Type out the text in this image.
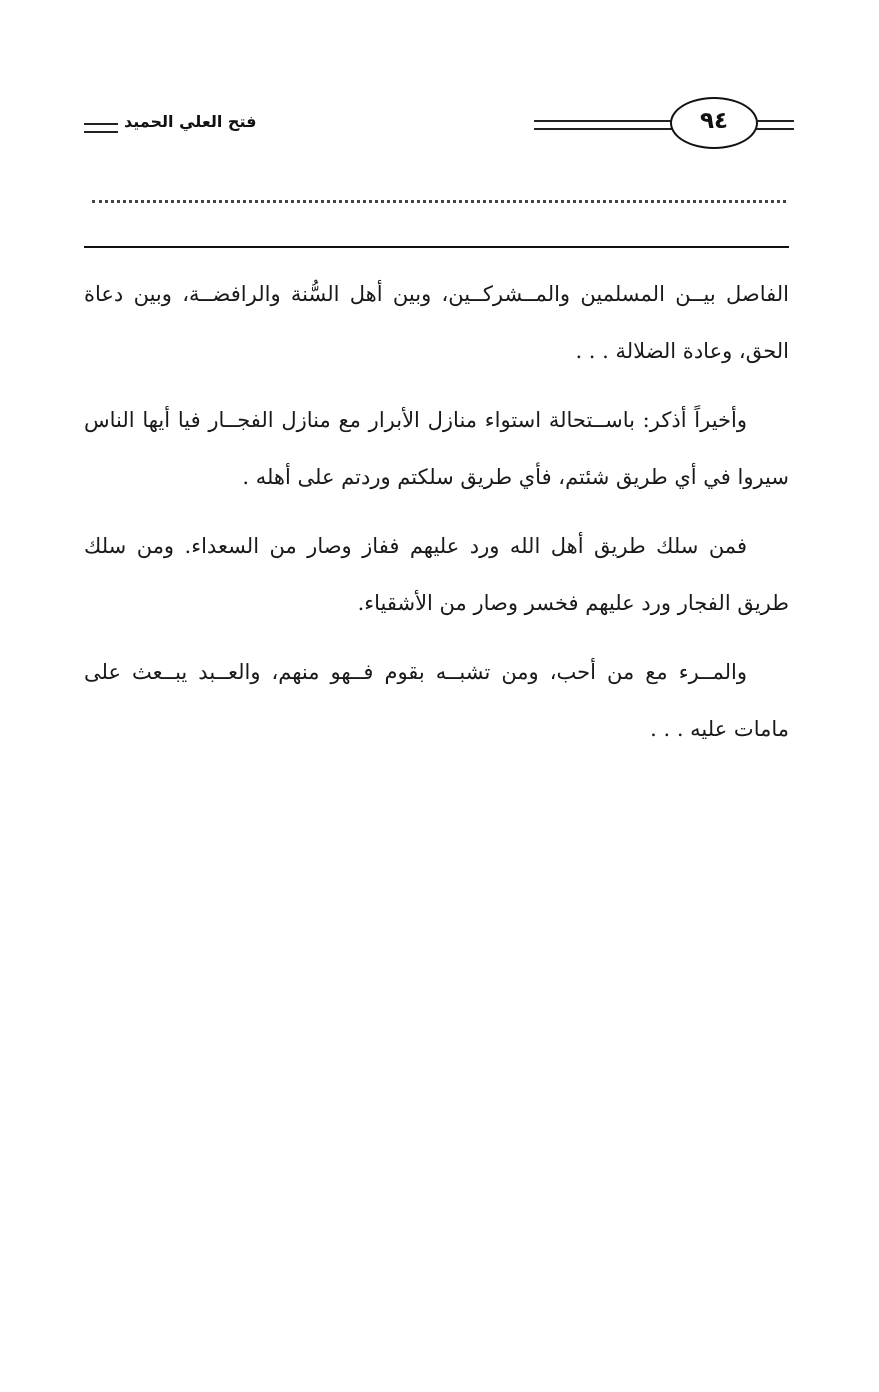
فتح العلي الحميد	٩٤

الفاصل بيــن المسلمين والمــشركــين، وبين أهل السُّنة والرافضــة، وبين دعاة الحق، وعادة الضلالة . . .

وأخيراً أذكر: باســتحالة استواء منازل الأبرار مع منازل الفجــار فيا أيها الناس سيروا في أي طريق شئتم، فأي طريق سلكتم وردتم على أهله .

فمن سلك طريق أهل الله ورد عليهم ففاز وصار من السعداء. ومن سلك طريق الفجار ورد عليهم فخسر وصار من الأشقياء.

والمــرء مع من أحب، ومن تشبــه بقوم فــهو منهم، والعــبد يبــعث على مامات عليه . . .
